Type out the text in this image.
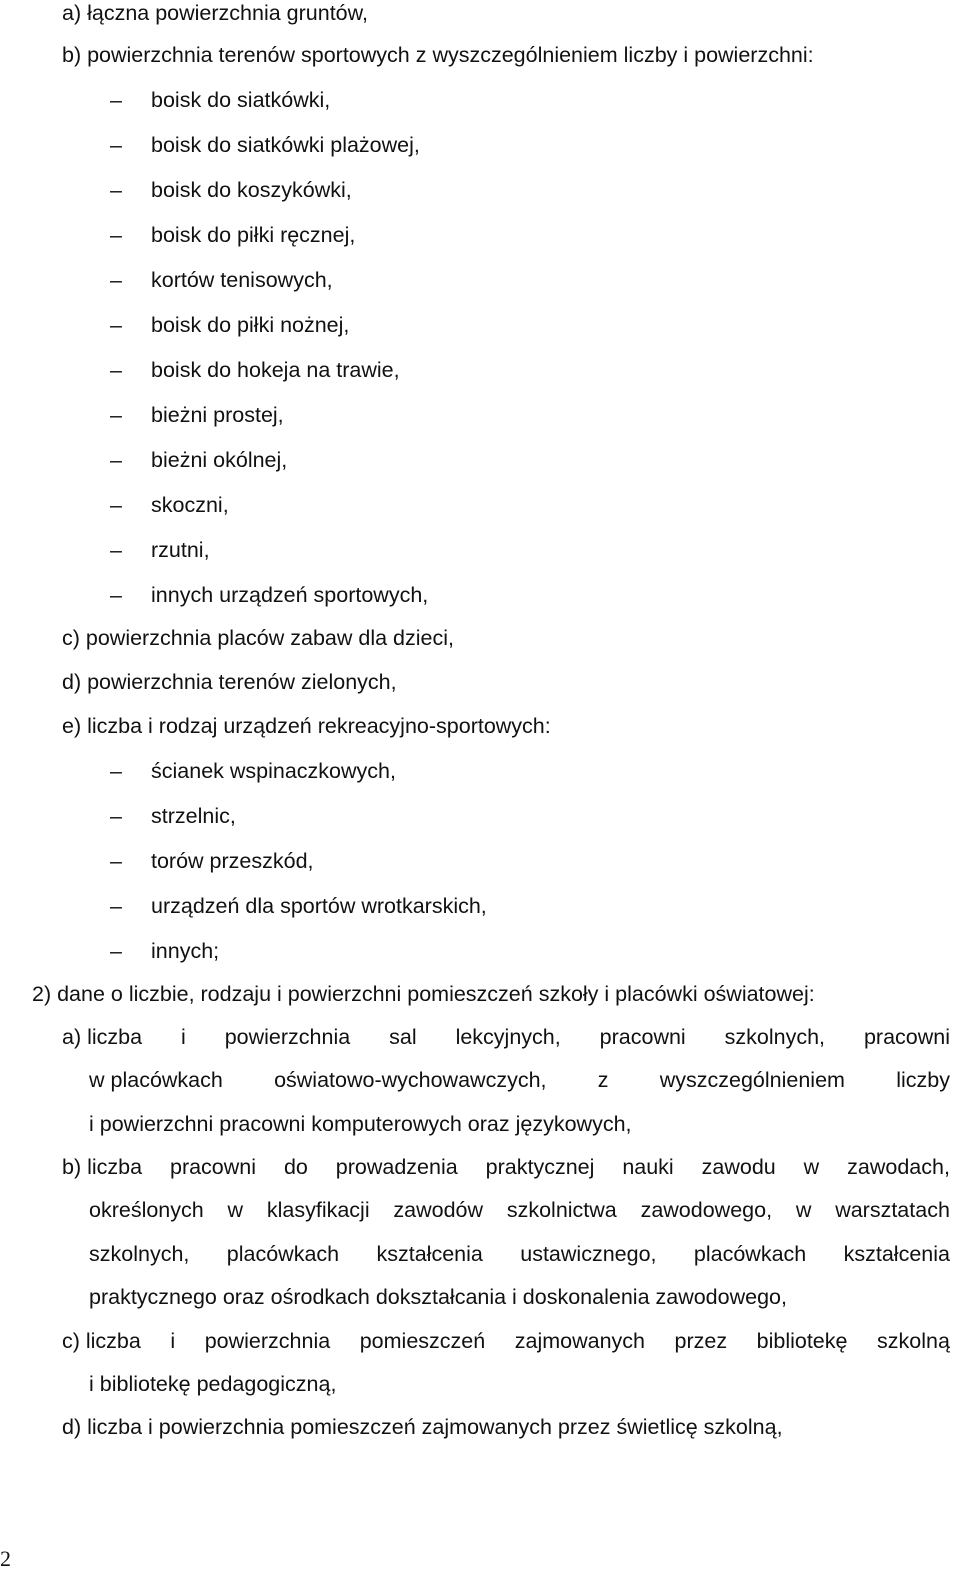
a) łączna powierzchnia gruntów,
b) powierzchnia terenów sportowych z wyszczególnieniem liczby i powierzchni:
– boisk do siatkówki,
– boisk do siatkówki plażowej,
– boisk do koszykówki,
– boisk do piłki ręcznej,
– kortów tenisowych,
– boisk do piłki nożnej,
– boisk do hokeja na trawie,
– bieżni prostej,
– bieżni okólnej,
– skoczni,
– rzutni,
– innych urządzeń sportowych,
c) powierzchnia placów zabaw dla dzieci,
d) powierzchnia terenów zielonych,
e) liczba i rodzaj urządzeń rekreacyjno-sportowych:
– ścianek wspinaczkowych,
– strzelnic,
– torów przeszkód,
– urządzeń dla sportów wrotkarskich,
– innych;
2) dane o liczbie, rodzaju i powierzchni pomieszczeń szkoły i placówki oświatowej:
a) liczba i powierzchnia sal lekcyjnych, pracowni szkolnych, pracowni
w placówkach oświatowo-wychowawczych, z wyszczególnieniem liczby
i powierzchni pracowni komputerowych oraz językowych,
b) liczba pracowni do prowadzenia praktycznej nauki zawodu w zawodach,
określonych w klasyfikacji zawodów szkolnictwa zawodowego, w warsztatach
szkolnych, placówkach kształcenia ustawicznego, placówkach kształcenia
praktycznego oraz ośrodkach dokształcania i doskonalenia zawodowego,
c) liczba i powierzchnia pomieszczeń zajmowanych przez bibliotekę szkolną
i bibliotekę pedagogiczną,
d) liczba i powierzchnia pomieszczeń zajmowanych przez świetlicę szkolną,
2
